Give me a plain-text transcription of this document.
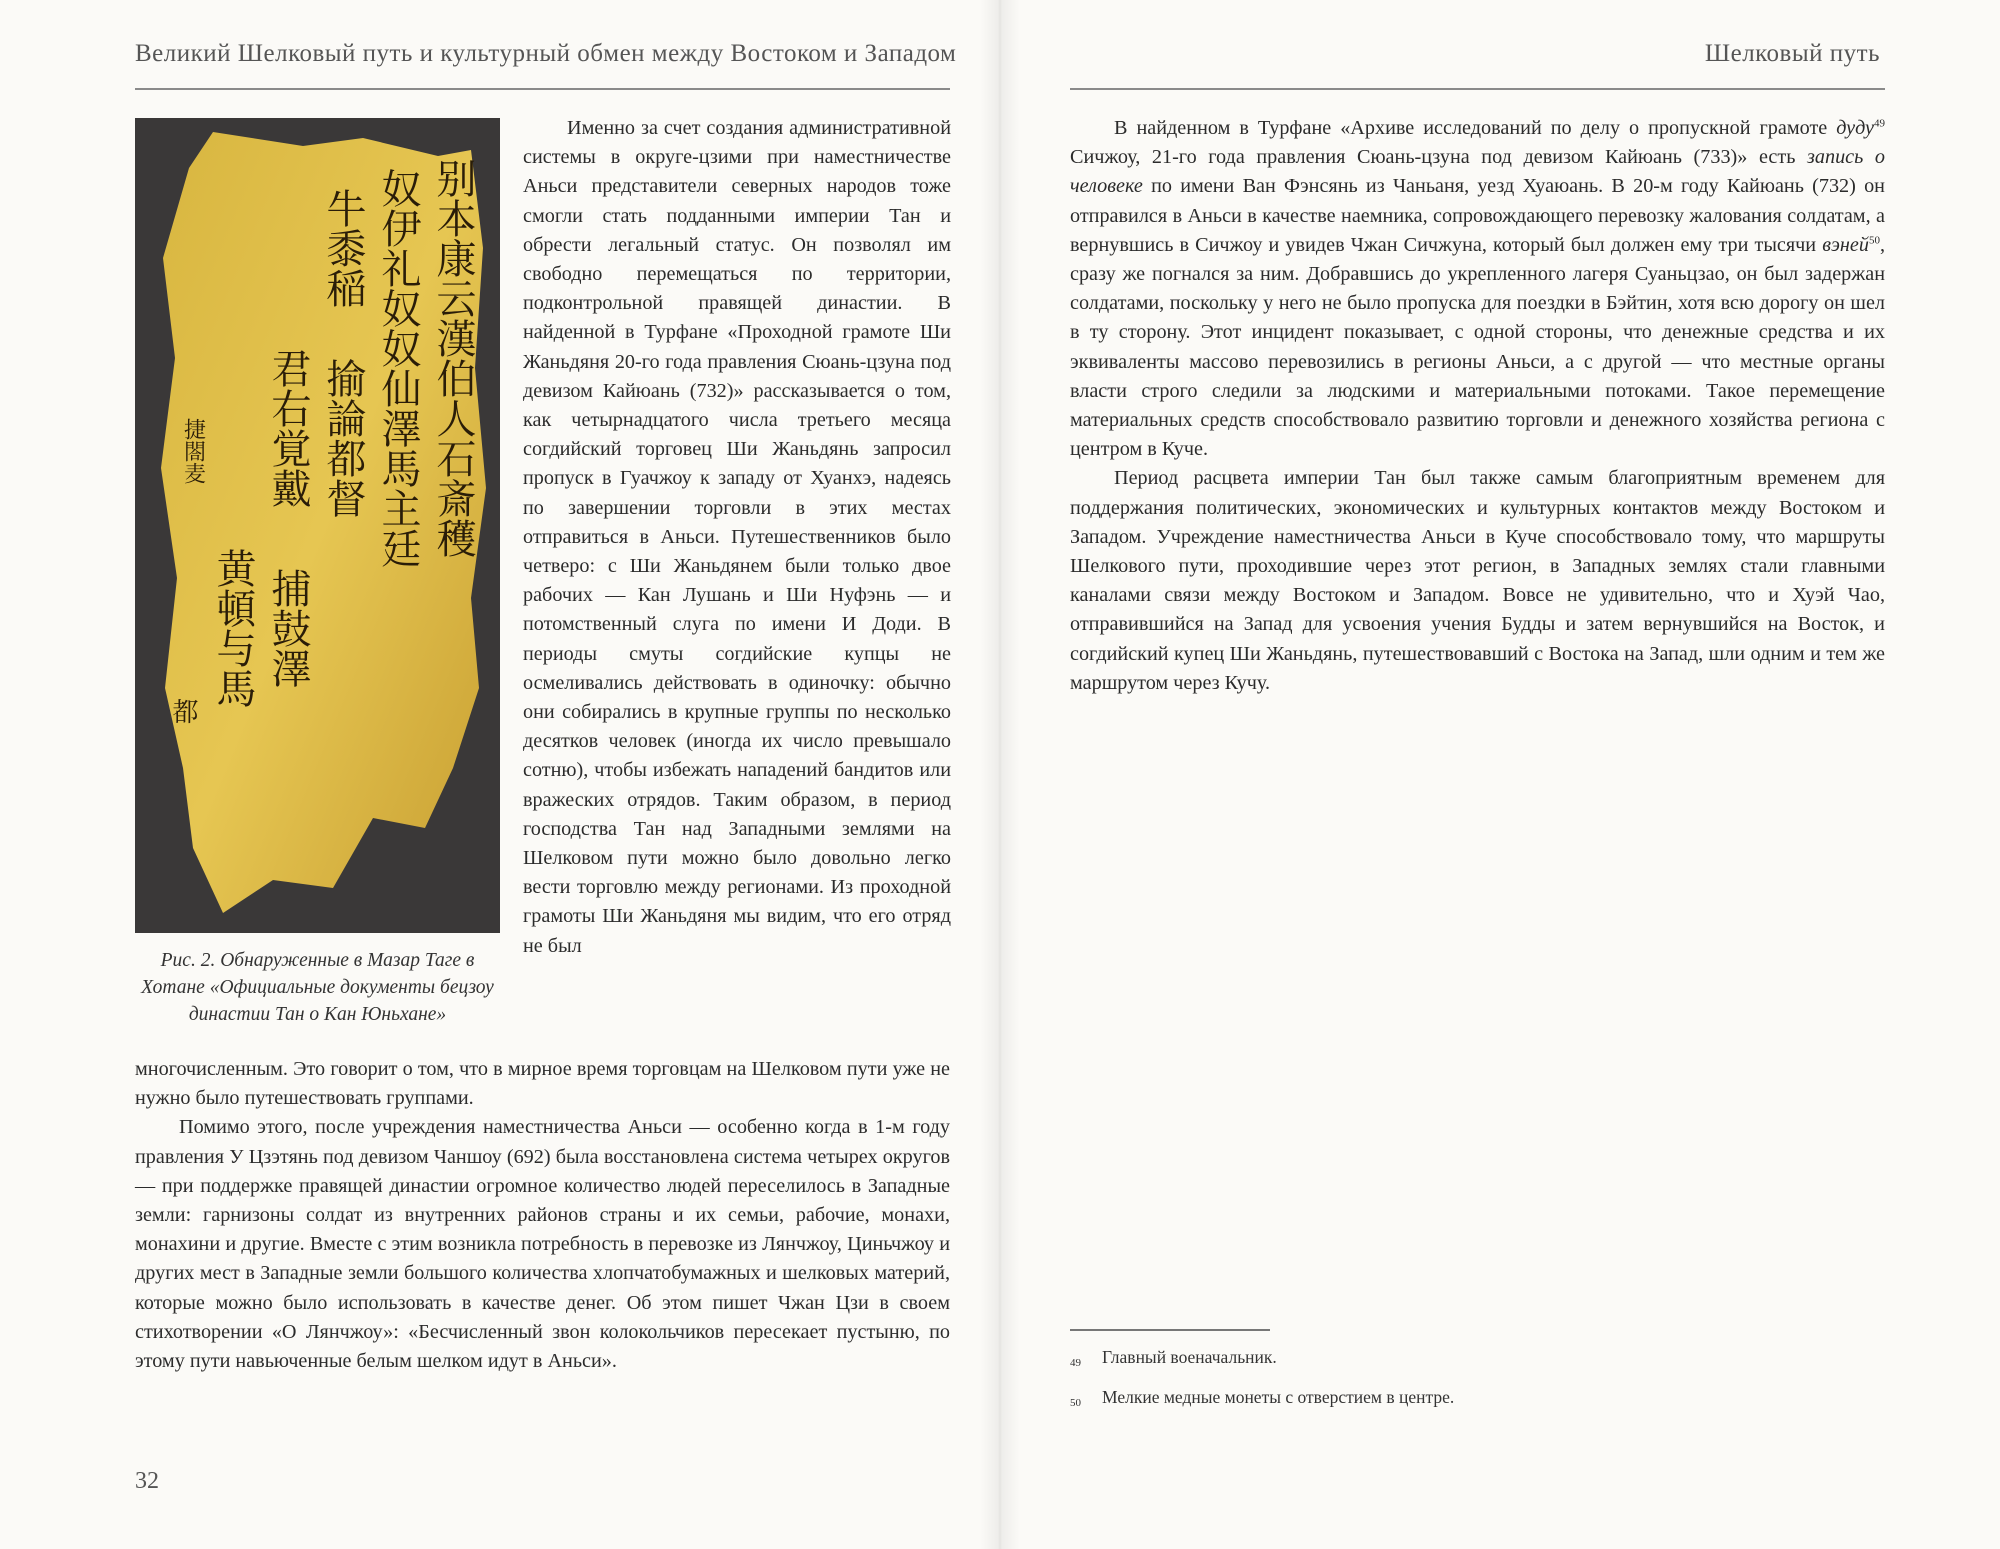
Великий Шелковый путь и культурный обмен между Востоком и Западом
别本康云漢伯人石斎穫
奴伊礼奴奴仙澤馬主廷
牛黍稲
揄論都督
君右覚戴
捕鼓澤
黄頓与馬
都
捷閤麦
Рис. 2. Обнаруженные в Мазар Таге в Хотане «Официальные документы бецзоу династии Тан о Кан Юньхане»

Именно за счет создания административной системы в округе-цзими при наместничестве Аньси представители северных народов тоже смогли стать подданными империи Тан и обрести легальный статус. Он позволял им свободно перемещаться по территории, подконтрольной правящей династии. В найденной в Турфане «Проходной грамоте Ши Жаньдяня 20-го года правления Сюань-цзуна под девизом Кайюань (732)» рассказывается о том, как четырнадцатого числа третьего месяца согдийский торговец Ши Жаньдянь запросил пропуск в Гуачжоу к западу от Хуанхэ, надеясь по завершении торговли в этих местах отправиться в Аньси. Путешественников было четверо: с Ши Жаньдянем были только двое рабочих — Кан Лушань и Ши Нуфэнь — и потомственный слуга по имени И Доди. В периоды смуты согдийские купцы не осмеливались действовать в одиночку: обычно они собирались в крупные группы по несколько десятков человек (иногда их число превышало сотню), чтобы избежать нападений бандитов или вражеских отрядов. Таким образом, в период господства Тан над Западными землями на Шелковом пути можно было довольно легко вести торговлю между регионами. Из проходной грамоты Ши Жаньдяня мы видим, что его отряд не был

многочисленным. Это говорит о том, что в мирное время торговцам на Шелковом пути уже не нужно было путешествовать группами.

Помимо этого, после учреждения наместничества Аньси — особенно когда в 1-м году правления У Цзэтянь под девизом Чаншоу (692) была восстановлена система четырех округов — при поддержке правящей династии огромное количество людей переселилось в Западные земли: гарнизоны солдат из внутренних районов страны и их семьи, рабочие, монахи, монахини и другие. Вместе с этим возникла потребность в перевозке из Лянчжоу, Циньчжоу и других мест в Западные земли большого количества хлопчатобумажных и шелковых материй, которые можно было использовать в качестве денег. Об этом пишет Чжан Цзи в своем стихотворении «О Лянчжоу»: «Бесчисленный звон колокольчиков пересекает пустыню, по этому пути навьюченные белым шелком идут в Аньси».

32
Шелковый путь

В найденном в Турфане «Архиве исследований по делу о пропускной грамоте дуду$^{49}$ Сичжоу, 21-го года правления Сюань-цзуна под девизом Кайюань (733)» есть запись о человеке по имени Ван Фэнсянь из Чаньаня, уезд Хуаюань. В 20-м году Кайюань (732) он отправился в Аньси в качестве наемника, сопровождающего перевозку жалования солдатам, а вернувшись в Сичжоу и увидев Чжан Сичжуна, который был должен ему три тысячи вэней$^{50}$, сразу же погнался за ним. Добравшись до укрепленного лагеря Суаньцзао, он был задержан солдатами, поскольку у него не было пропуска для поездки в Бэйтин, хотя всю дорогу он шел в ту сторону. Этот инцидент показывает, с одной стороны, что денежные средства и их эквиваленты массово перевозились в регионы Аньси, а с другой — что местные органы власти строго следили за людскими и материальными потоками. Такое перемещение материальных средств способствовало развитию торговли и денежного хозяйства региона с центром в Куче.

Период расцвета империи Тан был также самым благоприятным временем для поддержания политических, экономических и культурных контактов между Востоком и Западом. Учреждение наместничества Аньси в Куче способствовало тому, что маршруты Шелкового пути, проходившие через этот регион, в Западных землях стали главными каналами связи между Востоком и Западом. Вовсе не удивительно, что и Хуэй Чао, отправившийся на Запад для усвоения учения Будды и затем вернувшийся на Восток, и согдийский купец Ши Жаньдянь, путешествовавший с Востока на Запад, шли одним и тем же маршрутом через Кучу.

49	Главный военачальник.
50	Мелкие медные монеты с отверстием в центре.
